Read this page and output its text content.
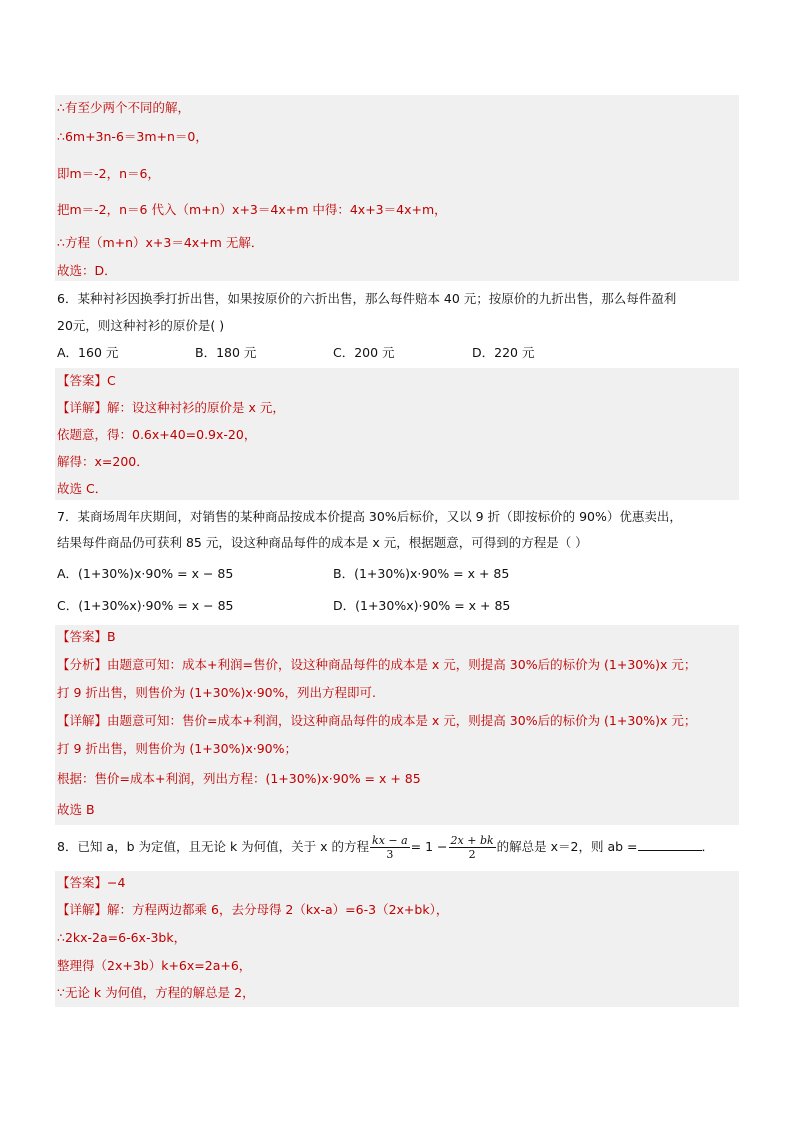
∴有至少两个不同的解，
∴6m+3n-6＝3m+n＝0，
即m＝-2，n＝6，
把m＝-2，n＝6 代入（m+n）x+3＝4x+m 中得：4x+3＝4x+m，
∴方程（m+n）x+3＝4x+m 无解．
故选：D．
6．某种衬衫因换季打折出售，如果按原价的六折出售，那么每件赔本 40 元；按原价的九折出售，那么每件盈利
20元，则这种衬衫的原价是( )
A．160 元	B．180 元	C．200 元	D．220 元
【答案】C
【详解】解：设这种衬衫的原价是 x 元，
依题意，得：0.6x+40=0.9x-20，
解得：x=200．
故选 C．
7．某商场周年庆期间，对销售的某种商品按成本价提高 30%后标价，又以 9 折（即按标价的 90%）优惠卖出，
结果每件商品仍可获利 85 元，设这种商品每件的成本是 x 元，根据题意，可得到的方程是（ ）
A．(1+30%)x·90% = x − 85	B．(1+30%)x·90% = x + 85
C．(1+30%x)·90% = x − 85	D．(1+30%x)·90% = x + 85
【答案】B
【分析】由题意可知：成本+利润=售价，设这种商品每件的成本是 x 元，则提高 30%后的标价为 (1+30%)x 元；
打 9 折出售，则售价为 (1+30%)x·90%，列出方程即可.
【详解】由题意可知：售价=成本+利润，设这种商品每件的成本是 x 元，则提高 30%后的标价为 (1+30%)x 元；
打 9 折出售，则售价为 (1+30%)x·90%；
根据：售价=成本+利润，列出方程：(1+30%)x·90% = x + 85
故选 B
8．已知 a，b 为定值，且无论 k 为何值，关于 x 的方程 $\frac{kx - a}{3} = 1 - \frac{2x + bk}{2}$ 的解总是 x＝2，则 ab =	．
【答案】−4
【详解】解：方程两边都乘 6，去分母得 2（kx-a）=6-3（2x+bk），
∴2kx-2a=6-6x-3bk，
整理得（2x+3b）k+6x=2a+6，
∵无论 k 为何值，方程的解总是 2，
